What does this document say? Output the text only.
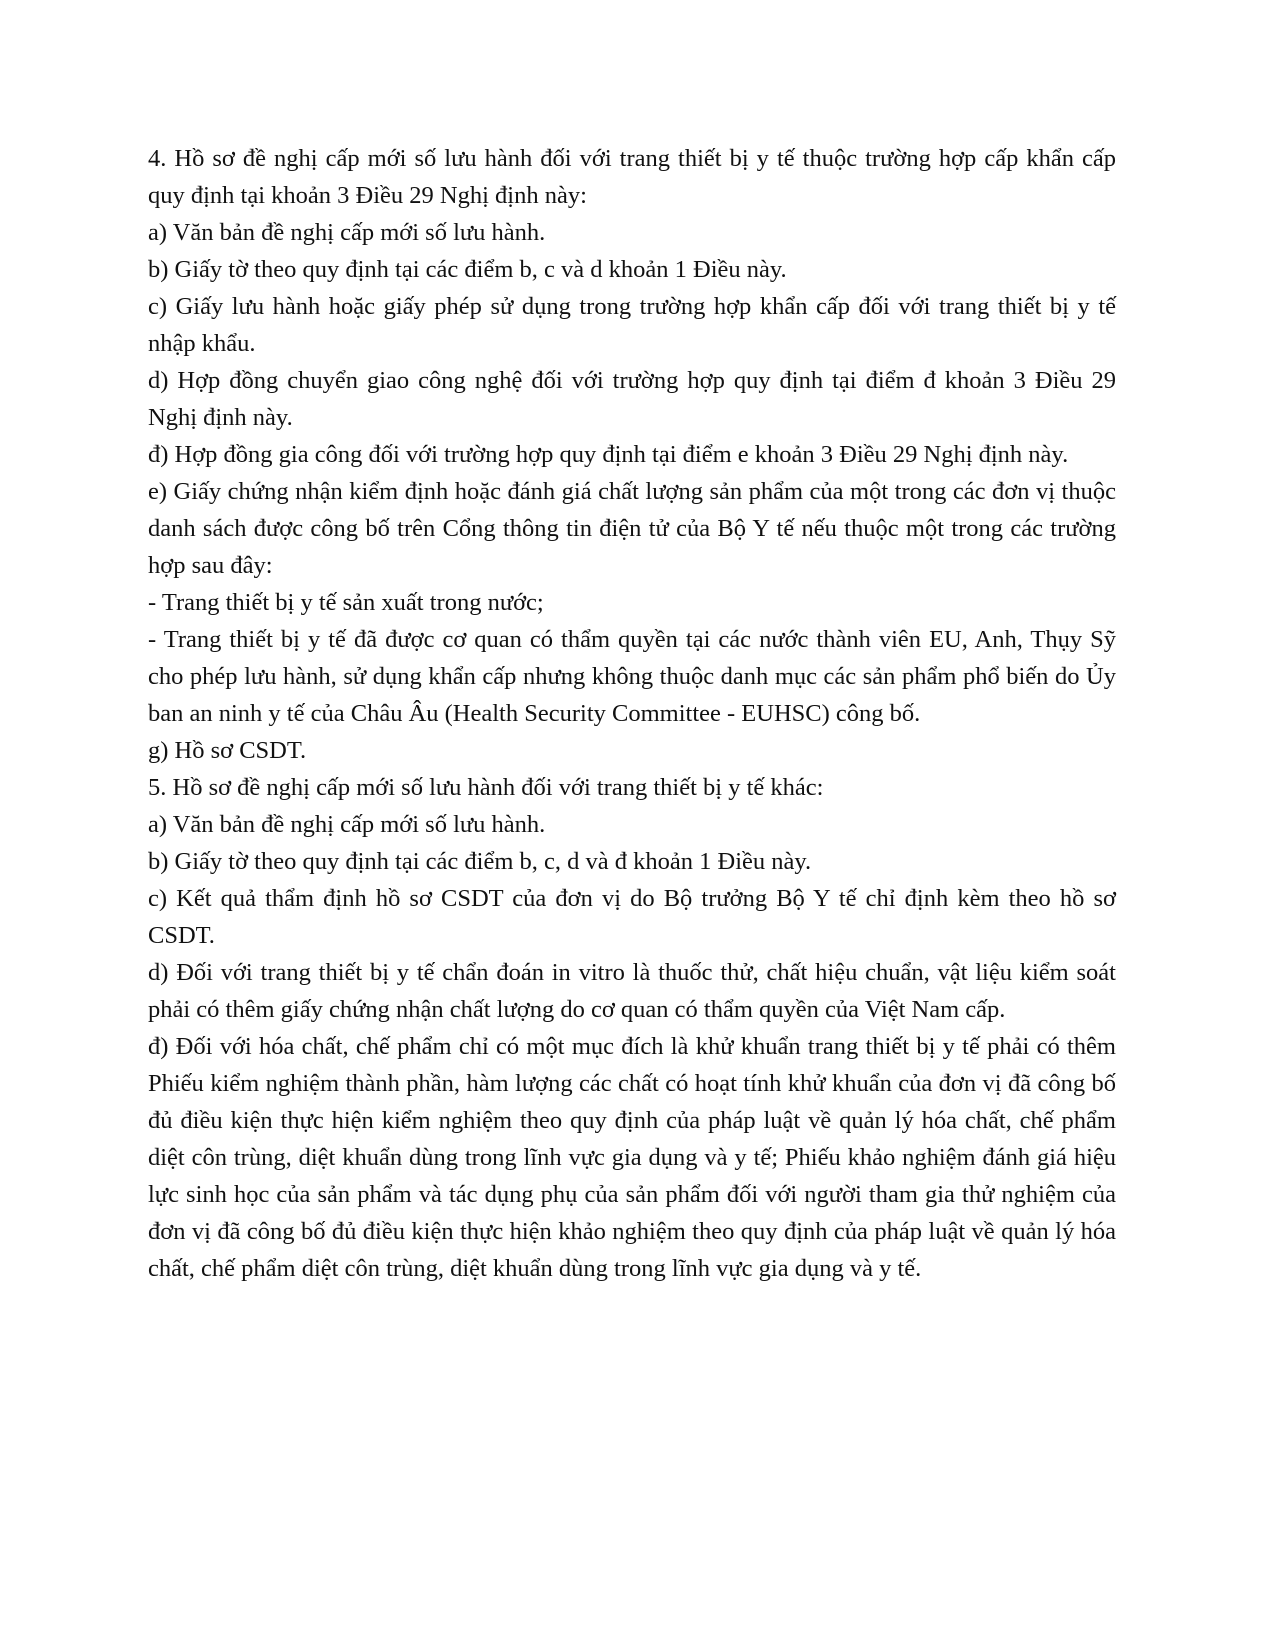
4. Hồ sơ đề nghị cấp mới số lưu hành đối với trang thiết bị y tế thuộc trường hợp cấp khẩn cấp quy định tại khoản 3 Điều 29 Nghị định này:

a) Văn bản đề nghị cấp mới số lưu hành.

b) Giấy tờ theo quy định tại các điểm b, c và d khoản 1 Điều này.

c) Giấy lưu hành hoặc giấy phép sử dụng trong trường hợp khẩn cấp đối với trang thiết bị y tế nhập khẩu.

d) Hợp đồng chuyển giao công nghệ đối với trường hợp quy định tại điểm đ khoản 3 Điều 29 Nghị định này.

đ) Hợp đồng gia công đối với trường hợp quy định tại điểm e khoản 3 Điều 29 Nghị định này.

e) Giấy chứng nhận kiểm định hoặc đánh giá chất lượng sản phẩm của một trong các đơn vị thuộc danh sách được công bố trên Cổng thông tin điện tử của Bộ Y tế nếu thuộc một trong các trường hợp sau đây:

- Trang thiết bị y tế sản xuất trong nước;

- Trang thiết bị y tế đã được cơ quan có thẩm quyền tại các nước thành viên EU, Anh, Thụy Sỹ cho phép lưu hành, sử dụng khẩn cấp nhưng không thuộc danh mục các sản phẩm phổ biến do Ủy ban an ninh y tế của Châu Âu (Health Security Committee - EUHSC) công bố.

g) Hồ sơ CSDT.

5. Hồ sơ đề nghị cấp mới số lưu hành đối với trang thiết bị y tế khác:

a) Văn bản đề nghị cấp mới số lưu hành.

b) Giấy tờ theo quy định tại các điểm b, c, d và đ khoản 1 Điều này.

c) Kết quả thẩm định hồ sơ CSDT của đơn vị do Bộ trưởng Bộ Y tế chỉ định kèm theo hồ sơ CSDT.

d) Đối với trang thiết bị y tế chẩn đoán in vitro là thuốc thử, chất hiệu chuẩn, vật liệu kiểm soát phải có thêm giấy chứng nhận chất lượng do cơ quan có thẩm quyền của Việt Nam cấp.

đ) Đối với hóa chất, chế phẩm chỉ có một mục đích là khử khuẩn trang thiết bị y tế phải có thêm Phiếu kiểm nghiệm thành phần, hàm lượng các chất có hoạt tính khử khuẩn của đơn vị đã công bố đủ điều kiện thực hiện kiểm nghiệm theo quy định của pháp luật về quản lý hóa chất, chế phẩm diệt côn trùng, diệt khuẩn dùng trong lĩnh vực gia dụng và y tế; Phiếu khảo nghiệm đánh giá hiệu lực sinh học của sản phẩm và tác dụng phụ của sản phẩm đối với người tham gia thử nghiệm của đơn vị đã công bố đủ điều kiện thực hiện khảo nghiệm theo quy định của pháp luật về quản lý hóa chất, chế phẩm diệt côn trùng, diệt khuẩn dùng trong lĩnh vực gia dụng và y tế.
